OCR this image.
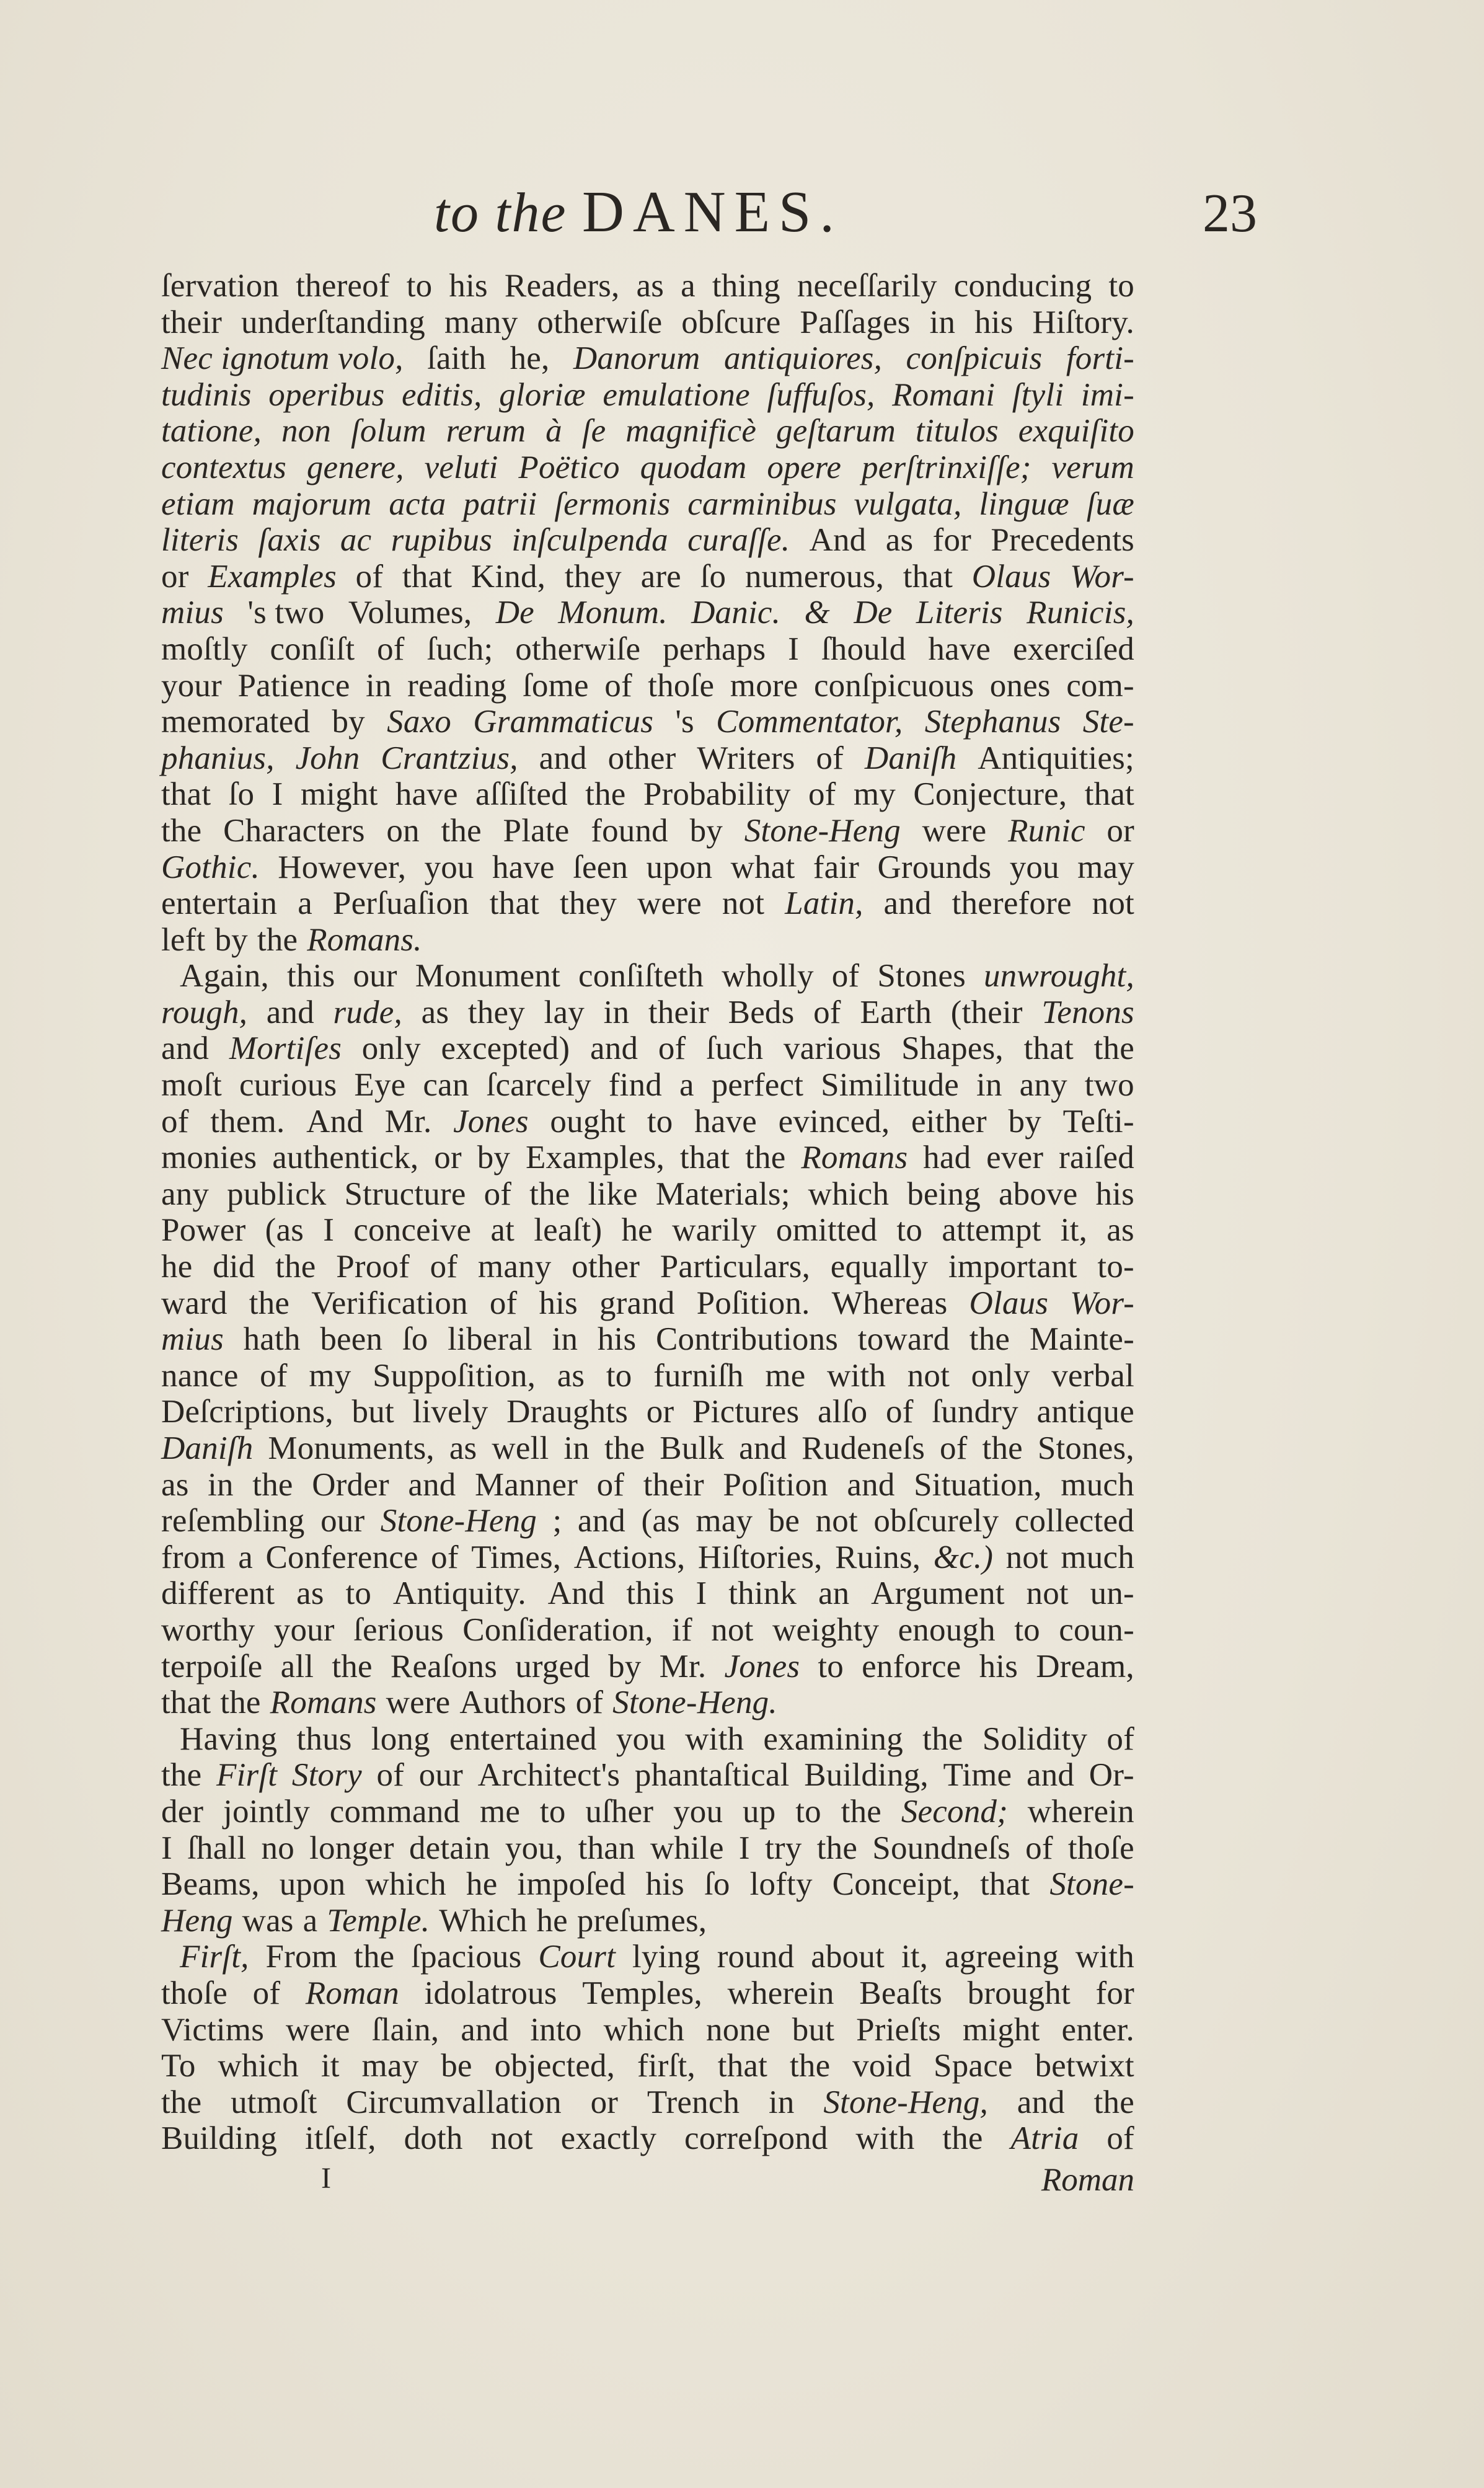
to the DANES.	23
ſervation thereof to his Readers, as a thing neceſſarily conducing to
their underſtanding many otherwiſe obſcure Paſſages in his Hiſtory.
Nec ignotum volo, ſaith he, Danorum antiquiores, conſpicuis forti-
tudinis operibus editis, gloriæ emulatione ſuffuſos, Romani ſtyli imi-
tatione, non ſolum rerum à ſe magnificè geſtarum titulos exquiſito
contextus genere, veluti Poëtico quodam opere perſtrinxiſſe; verum
etiam majorum acta patrii ſermonis carminibus vulgata, linguæ ſuæ
literis ſaxis ac rupibus inſculpenda curaſſe. And as for Precedents
or Examples of that Kind, they are ſo numerous, that Olaus Wor-
mius 's two Volumes, De Monum. Danic. & De Literis Runicis,
moſtly conſiſt of ſuch; otherwiſe perhaps I ſhould have exerciſed
your Patience in reading ſome of thoſe more conſpicuous ones com-
memorated by Saxo Grammaticus 's Commentator, Stephanus Ste-
phanius, John Crantzius, and other Writers of Daniſh Antiquities;
that ſo I might have aſſiſted the Probability of my Conjecture, that
the Characters on the Plate found by Stone-Heng were Runic or
Gothic. However, you have ſeen upon what fair Grounds you may
entertain a Perſuaſion that they were not Latin, and therefore not
left by the Romans.
Again, this our Monument conſiſteth wholly of Stones unwrought,
rough, and rude, as they lay in their Beds of Earth (their Tenons
and Mortiſes only excepted) and of ſuch various Shapes, that the
moſt curious Eye can ſcarcely find a perfect Similitude in any two
of them. And Mr. Jones ought to have evinced, either by Teſti-
monies authentick, or by Examples, that the Romans had ever raiſed
any publick Structure of the like Materials; which being above his
Power (as I conceive at leaſt) he warily omitted to attempt it, as
he did the Proof of many other Particulars, equally important to-
ward the Verification of his grand Poſition. Whereas Olaus Wor-
mius hath been ſo liberal in his Contributions toward the Mainte-
nance of my Suppoſition, as to furniſh me with not only verbal
Deſcriptions, but lively Draughts or Pictures alſo of ſundry antique
Daniſh Monuments, as well in the Bulk and Rudeneſs of the Stones,
as in the Order and Manner of their Poſition and Situation, much
reſembling our Stone-Heng ; and (as may be not obſcurely collected
from a Conference of Times, Actions, Hiſtories, Ruins, &c.) not much
different as to Antiquity. And this I think an Argument not un-
worthy your ſerious Conſideration, if not weighty enough to coun-
terpoiſe all the Reaſons urged by Mr. Jones to enforce his Dream,
that the Romans were Authors of Stone-Heng.
Having thus long entertained you with examining the Solidity of
the Firſt Story of our Architect's phantaſtical Building, Time and Or-
der jointly command me to uſher you up to the Second; wherein
I ſhall no longer detain you, than while I try the Soundneſs of thoſe
Beams, upon which he impoſed his ſo lofty Conceipt, that Stone-
Heng was a Temple. Which he preſumes,
Firſt, From the ſpacious Court lying round about it, agreeing with
thoſe of Roman idolatrous Temples, wherein Beaſts brought for
Victims were ſlain, and into which none but Prieſts might enter.
To which it may be objected, firſt, that the void Space betwixt
the utmoſt Circumvallation or Trench in Stone-Heng, and the
Building itſelf, doth not exactly correſpond with the Atria of
I	Roman
